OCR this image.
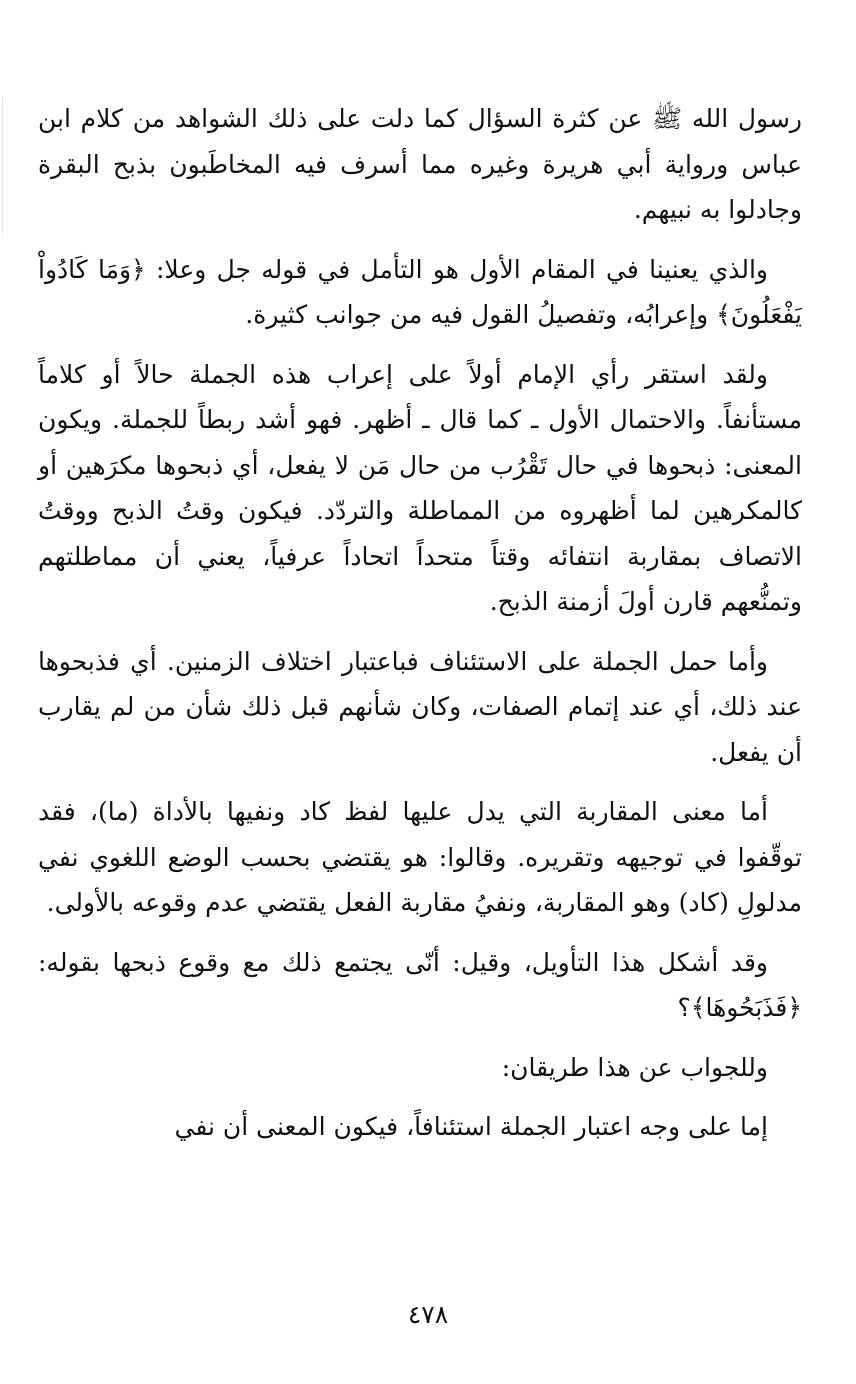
رسول الله ﷺ عن كثرة السؤال كما دلت على ذلك الشواهد من كلام ابن عباس ورواية أبي هريرة وغيره مما أسرف فيه المخاطَبون بذبح البقرة وجادلوا به نبيهم.

والذي يعنينا في المقام الأول هو التأمل في قوله جل وعلا: ﴿وَمَا كَادُواْ يَفْعَلُونَ﴾ وإعرابُه، وتفصيلُ القول فيه من جوانب كثيرة.

ولقد استقر رأي الإمام أولاً على إعراب هذه الجملة حالاً أو كلاماً مستأنفاً. والاحتمال الأول ـ كما قال ـ أظهر. فهو أشد ربطاً للجملة. ويكون المعنى: ذبحوها في حال تَقْرُب من حال مَن لا يفعل، أي ذبحوها مكرَهين أو كالمكرهين لما أظهروه من المماطلة والتردّد. فيكون وقتُ الذبح ووقتُ الاتصاف بمقاربة انتفائه وقتاً متحداً اتحاداً عرفياً، يعني أن مماطلتهم وتمنُّعهم قارن أولَ أزمنة الذبح.

وأما حمل الجملة على الاستئناف فباعتبار اختلاف الزمنين. أي فذبحوها عند ذلك، أي عند إتمام الصفات، وكان شأنهم قبل ذلك شأن من لم يقارب أن يفعل.

أما معنى المقاربة التي يدل عليها لفظ كاد ونفيها بالأداة (ما)، فقد توقّفوا في توجيهه وتقريره. وقالوا: هو يقتضي بحسب الوضع اللغوي نفي مدلولِ (كاد) وهو المقاربة، ونفيُ مقاربة الفعل يقتضي عدم وقوعه بالأولى.

وقد أشكل هذا التأويل، وقيل: أنّى يجتمع ذلك مع وقوع ذبحها بقوله: ﴿فَذَبَحُوهَا﴾؟

وللجواب عن هذا طريقان:

إما على وجه اعتبار الجملة استئنافاً، فيكون المعنى أن نفي

٤٧٨
